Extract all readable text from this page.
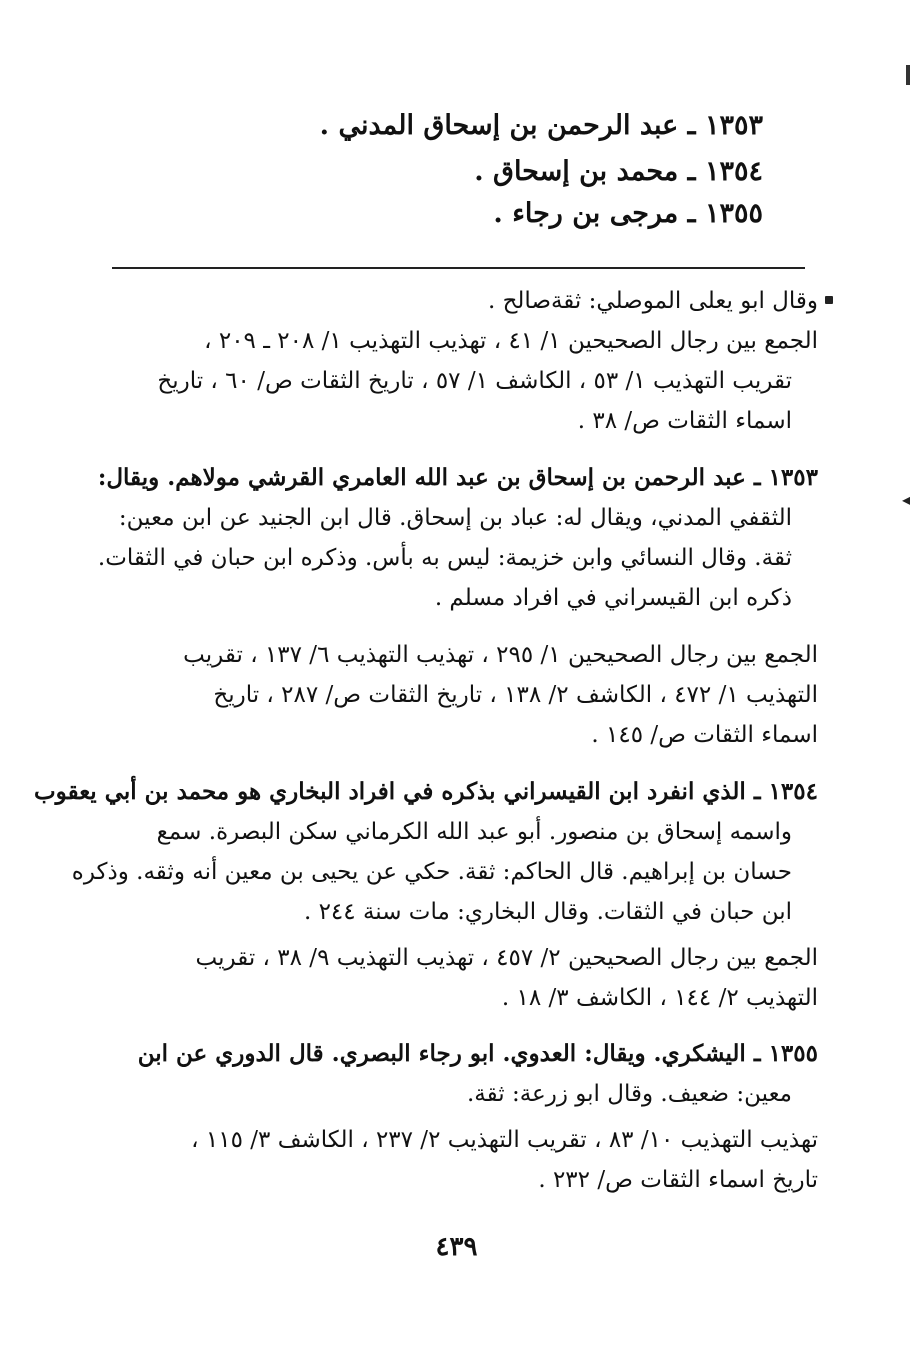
١٣٥٣ ـ عبد الرحمن بن إسحاق المدني .
١٣٥٤ ـ محمد بن إسحاق .
١٣٥٥ ـ مرجى بن رجاء .
وقال ابو يعلى الموصلي: ثقةصالح .
الجمع بين رجال الصحيحين ١/ ٤١ ، تهذيب التهذيب ١/ ٢٠٨ ـ ٢٠٩ ،
تقريب التهذيب ١/ ٥٣ ، الكاشف ١/ ٥٧ ، تاريخ الثقات ص/ ٦٠ ، تاريخ
اسماء الثقات ص/ ٣٨ .
١٣٥٣ ـ عبد الرحمن بن إسحاق بن عبد الله العامري القرشي مولاهم. ويقال:
الثقفي المدني، ويقال له: عباد بن إسحاق. قال ابن الجنيد عن ابن معين:
ثقة. وقال النسائي وابن خزيمة: ليس به بأس. وذكره ابن حبان في الثقات.
ذكره ابن القيسراني في افراد مسلم .
الجمع بين رجال الصحيحين ١/ ٢٩٥ ، تهذيب التهذيب ٦/ ١٣٧ ، تقريب
التهذيب ١/ ٤٧٢ ، الكاشف ٢/ ١٣٨ ، تاريخ الثقات ص/ ٢٨٧ ، تاريخ
اسماء الثقات ص/ ١٤٥ .
١٣٥٤ ـ الذي انفرد ابن القيسراني بذكره في افراد البخاري هو محمد بن أبي يعقوب
واسمه إسحاق بن منصور. أبو عبد الله الكرماني سكن البصرة. سمع
حسان بن إبراهيم. قال الحاكم: ثقة. حكي عن يحيى بن معين أنه وثقه. وذكره
ابن حبان في الثقات. وقال البخاري: مات سنة ٢٤٤ .
الجمع بين رجال الصحيحين ٢/ ٤٥٧ ، تهذيب التهذيب ٩/ ٣٨ ، تقريب
التهذيب ٢/ ١٤٤ ، الكاشف ٣/ ١٨ .
١٣٥٥ ـ اليشكري. ويقال: العدوي. ابو رجاء البصري. قال الدوري عن ابن
معين: ضعيف. وقال ابو زرعة: ثقة.
تهذيب التهذيب ١٠/ ٨٣ ، تقريب التهذيب ٢/ ٢٣٧ ، الكاشف ٣/ ١١٥ ،
تاريخ اسماء الثقات ص/ ٢٣٢ .
◂
٤٣٩
